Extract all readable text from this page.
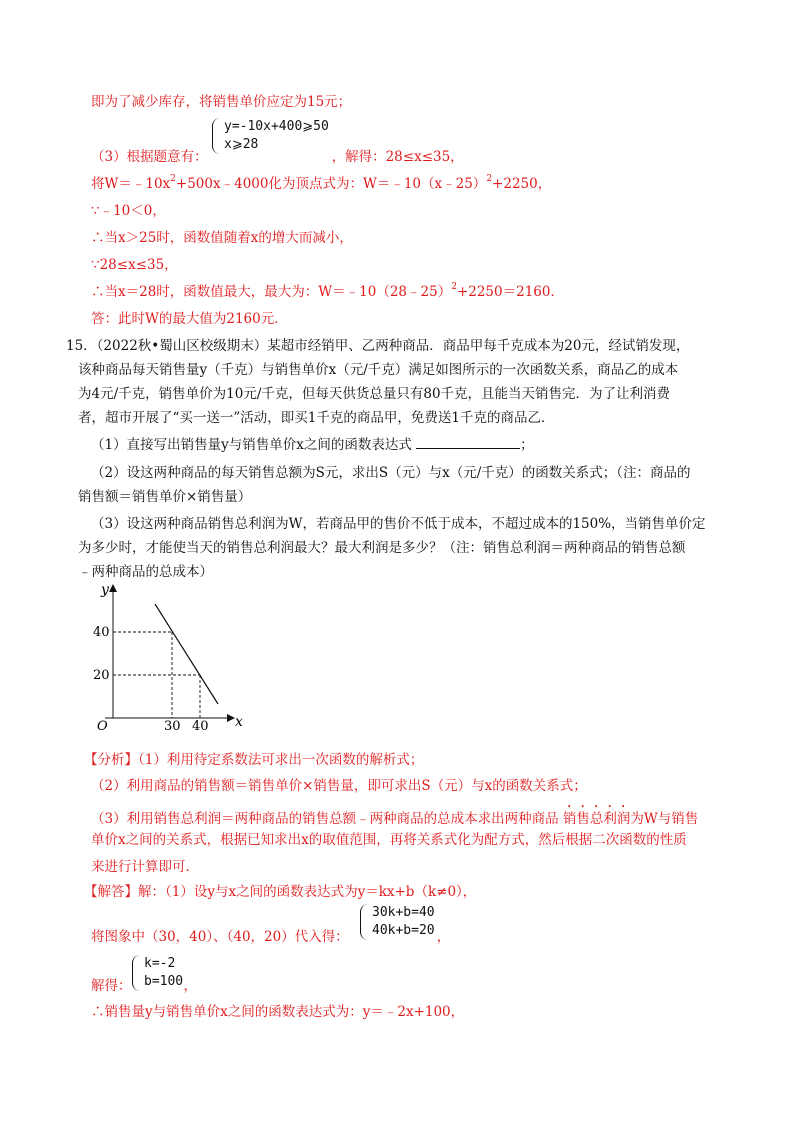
即为了减少库存，将销售单价应定为15元；
y=-10x+400⩾50
x⩾28
（3）根据题意有：	，解得：28≤x≤35，
将$W=﹣10x^2+500x﹣4000$化为顶点式为：W＝﹣10（x﹣25）$^2$+2250，
∵﹣10＜0，
∴当x＞25时，函数值随着x的增大而减小，
∵28≤x≤35，
∴当x＝28时，函数值最大，最大为：W＝﹣10（28﹣25）$^2$+2250＝2160．
答：此时W的最大值为2160元．
15．（2022秋•蜀山区校级期末）某超市经销甲、乙两种商品．商品甲每千克成本为20元，经试销发现，
该种商品每天销售量y（千克）与销售单价x（元/千克）满足如图所示的一次函数关系，商品乙的成本
为4元/千克，销售单价为10元/千克，但每天供货总量只有80千克，且能当天销售完．为了让利消费
者，超市开展了“买一送一”活动，即买1千克的商品甲，免费送1千克的商品乙．
（1）直接写出销售量y与销售单价x之间的函数表达式	；
（2）设这两种商品的每天销售总额为S元，求出S（元）与x（元/千克）的函数关系式；（注：商品的
销售额＝销售单价×销售量）
（3）设这两种商品销售总利润为W，若商品甲的售价不低于成本，不超过成本的150%，当销售单价定
为多少时，才能使当天的销售总利润最大？最大利润是多少？（注：销售总利润＝两种商品的销售总额
﹣两种商品的总成本）
y
x
O
40
20
30 40
【分析】（1）利用待定系数法可求出一次函数的解析式；
（2）利用商品的销售额＝销售单价×销售量，即可求出S（元）与x的函数关系式；
（3）利用销售总利润＝两种商品的销售总额﹣两种商品的总成本求出两种商品 销售总利润为W与销售
单价x之间的关系式，根据已知求出x的取值范围，再将关系式化为配方式，然后根据二次函数的性质
来进行计算即可．
【解答】解：（1）设y与x之间的函数表达式为y＝kx+b（k≠0），
30k+b=40
40k+b=20
将图象中（30，40）、（40，20）代入得：	，
k=-2
b=100
解得：	，
∴销售量y与销售单价x之间的函数表达式为：y＝﹣2x+100，
